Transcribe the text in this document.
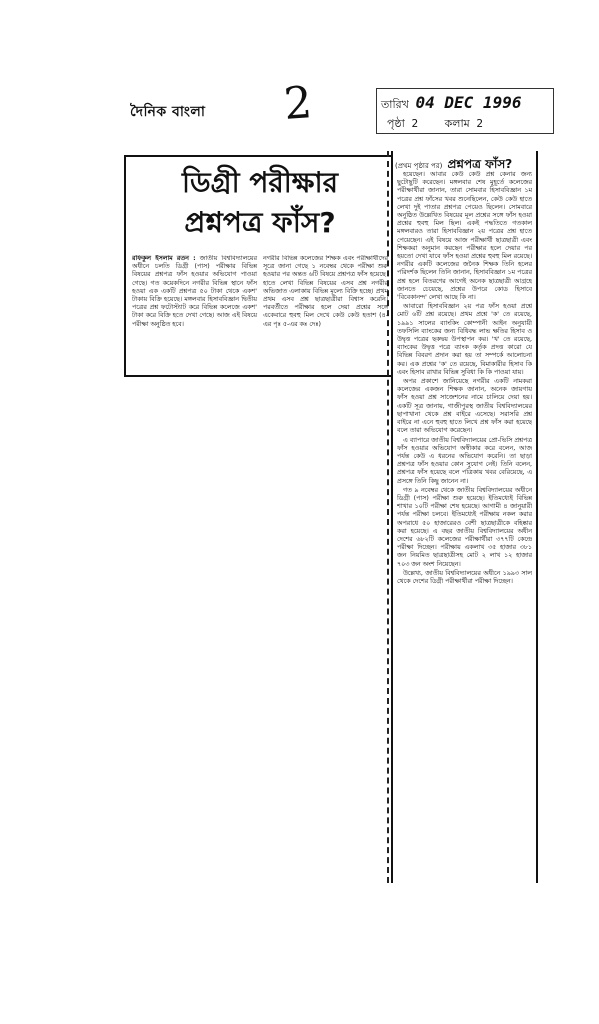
দৈনিক বাংলা 2	তারিখ 04 DEC 1996
পৃষ্ঠা 2 কলাম 2
ডিগ্রী পরীক্ষার
প্রশ্নপত্র ফাঁস?
রফিকুল ইসলাম রতন : জাতীয় বিশ্ববিদ্যালয়ের অধীনে চলতি ডিগ্রী (পাস) পরীক্ষার বিভিন্ন বিষয়ের প্রশ্নপত্র ফাঁস হওয়ার অভিযোগ পাওয়া গেছে। গত কয়েকদিনে নগরীর বিভিন্ন স্থানে ফাঁস হওয়া এক একটি প্রশ্নপত্র ৫০ টাকা থেকে একশ' টাকায় বিক্রি হয়েছে। মঙ্গলবার হিসাববিজ্ঞান দ্বিতীয় পত্রের প্রশ্ন ফটোস্ট্যাট করে বিভিন্ন কলেজে একশ' টাকা করে বিক্রি হতে দেখা গেছে। আজ এই বিষয়ে পরীক্ষা অনুষ্ঠিত হবে।
নগরীর বিভিন্ন কলেজের শিক্ষক এবং পরীক্ষার্থীদের সূত্রে জানা গেছে ১ নবেম্বর থেকে পরীক্ষা শুরু হওয়ার পর অন্তত ৬টি বিষয়ে প্রশ্নপত্র ফাঁস হয়েছে। হাতে লেখা বিভিন্ন বিষয়ের এসব প্রশ্ন নগরীর অভিজাত এলাকায় বিভিন্ন মূল্যে বিক্রি হচ্ছে। প্রথম প্রথম এসব প্রশ্ন ছাত্রছাত্রীরা বিশ্বাস করেনি। পরবর্তীতে পরীক্ষার হলে দেয়া প্রশ্নের সঙ্গে একেবারে হুবহু মিল দেখে কেউ কেউ হতাশ (৪-এর পৃঃ ৫-এর কঃ দেঃ)
(প্রথম পৃষ্ঠার পর) প্রশ্নপত্র ফাঁস?

হয়েছেন। আবার কেউ কেউ প্রশ্ন কেনার জন্য ছুটোছুটি করেছেন। মঙ্গলবার শেষ মুহূর্তে কলেজের পরীক্ষার্থীরা জানান, তারা সোমবার হিসাববিজ্ঞান ১ম পত্রের প্রশ্ন ফাঁসের খবর শুনেছিলেন, কেউ কেউ হাতে লেখা দুই পাতার প্রশ্নপত্র পেয়েও ছিলেন। সোমবারে অনুষ্ঠিত উল্লেখিত বিষয়ের মূল প্রশ্নের সঙ্গে ফাঁস হওয়া প্রশ্নের হুবহু মিল ছিল। একই পদ্ধতিতে গতকাল মঙ্গলবারও তারা হিসাববিজ্ঞান ২য় পত্রের প্রশ্ন হাতে পেয়েছেন। এই বিষয়ে আজ পরীক্ষার্থী ছাত্রছাত্রী এবং শিক্ষকরা অনুমান করছেন পরীক্ষার হলে দেয়ার পর হয়তো দেখা যাবে ফাঁস হওয়া প্রশ্নের হুবহু মিল রয়েছে। নগরীর একটি কলেজের জনৈক শিক্ষক তিনি হলের পরিদর্শক ছিলেন তিনি জানান, হিসাববিজ্ঞান ১ম পত্রের প্রশ্ন হলে বিতরণের আগেই অনেক ছাত্রছাত্রী আগ্রহে জানতে চেয়েছে, প্রশ্নের উপরে কোড হিসাবে 'বিবেকানন্দ' লেখা আছে কি না।

আবারো হিসাববিজ্ঞান ২য় পত্র ফাঁস হওয়া প্রশ্নে মোট ৬টি প্রশ্ন রয়েছে। প্রথম প্রশ্নে 'ক' তে রয়েছে, ১৯৯১ সালের ব্যাংকিং কোম্পানী আইন অনুযায়ী তফসিলি ব্যাংকের জন্য বিধিবদ্ধ লাভ ক্ষতির হিসাব ও উদ্বৃত্ত পত্রের ছকদ্বয় উপস্থাপন কর। 'খ' তে রয়েছে, ব্যাংকের উদ্বৃত্ত পত্রে ব্যাংক কর্তৃক প্রদত্ত কারো যে বিভিন্ন বিবরণ প্রদান করা হয় তা সম্পর্কে আলোচনা কর। এক প্রশ্নের 'ক' তে রয়েছে, বিমাকারীর হিসাব কি এবং হিসাব রাখার বিভিন্ন সুবিধা কি কি পাওয়া যায়।

অপর প্রকাশে জানিয়েছে নগরীর একটি নামকরা কলেজের একজন শিক্ষক জানান, অনেক জায়গায় ফাঁস হওয়া প্রশ্ন সাজেশনের নামে চালিয়ে দেয়া হয়। একটি সূত্র জানায়, গাজীপুরস্থ জাতীয় বিশ্ববিদ্যালয়ের ছাপাখানা থেকে প্রশ্ন বাইরে এসেছে। সরাসরি প্রশ্ন বাইরে না এনে হুবহু হাতে লিখে প্রশ্ন ফাঁস করা হয়েছে বলে তারা অভিযোগ করেছেন।

এ ব্যাপারে জাতীয় বিশ্ববিদ্যালয়ের প্রো-ভিসি প্রশ্নপত্র ফাঁস হওয়ার অভিযোগ অস্বীকার করে বলেন, আজ পর্যন্ত কেউ এ ধরনের অভিযোগ করেনি। তা ছাড়া প্রশ্নপত্র ফাঁস হওয়ার কোন সুযোগ নেই। তিনি বলেন, প্রশ্নপত্র ফাঁস হয়েছে বলে পত্রিকায় খবর বেরিয়েছে, এ প্রসঙ্গে তিনি কিছু জানেন না।

গত ৯ নবেম্বর থেকে জাতীয় বিশ্ববিদ্যালয়ের অধীনে ডিগ্রী (পাস) পরীক্ষা শুরু হয়েছে। ইতিমধ্যেই বিভিন্ন শাখার ১০টি পরীক্ষা শেষ হয়েছে। আগামী ৪ জানুয়ারী পর্যন্ত পরীক্ষা চলবে। ইতিমধ্যেই পরীক্ষায় নকল করার অপরাধে ৫০ হাজারেরও বেশী ছাত্রছাত্রীকে বহিষ্কার করা হয়েছে। এ বছর জাতীয় বিশ্ববিদ্যালয়ের অধীন দেশের ৬৮২টি কলেজের পরীক্ষার্থীরা ৩৭৭টি কেন্দ্রে পরীক্ষা দিচ্ছেন। পরীক্ষায় একলাখ ৩৫ হাজার ৩৮১ জন নিয়মিত ছাত্রছাত্রীসহ মোট ২ লাখ ১২ হাজার ৭০৩ জন অংশ নিয়েছেন।

উল্লেখ্য, জাতীয় বিশ্ববিদ্যালয়ের অধীনে ১৯৯৩ সাল থেকে দেশের ডিগ্রী পরীক্ষার্থীরা পরীক্ষা দিচ্ছেন।
